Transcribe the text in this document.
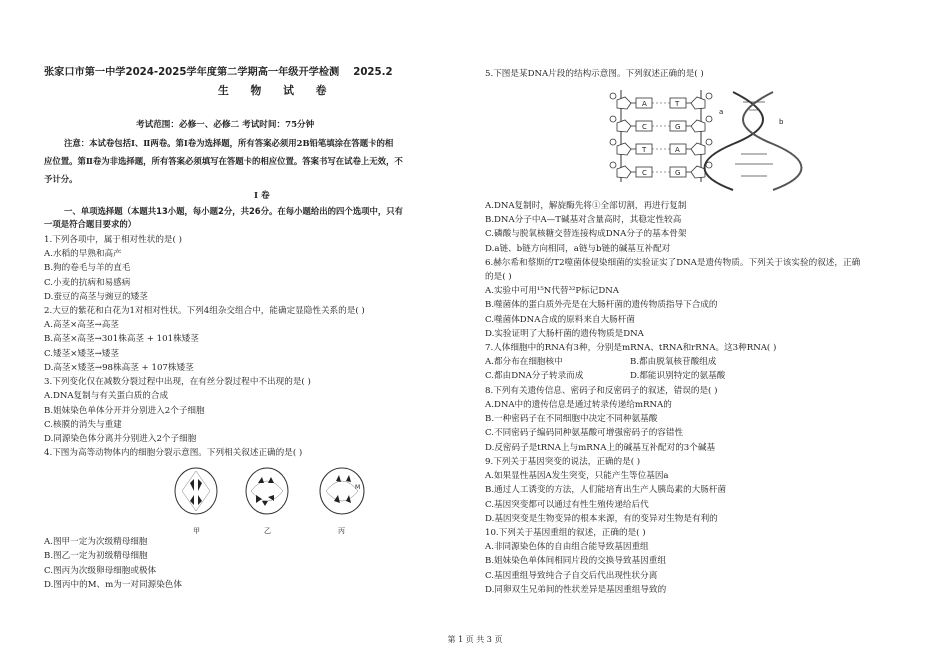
张家口市第一中学2024-2025学年度第二学期高一年级开学检测 2025.2
生 物 试 卷
考试范围：必修一、必修二 考试时间：75分钟
注意：本试卷包括Ⅰ、Ⅱ两卷。第Ⅰ卷为选择题，所有答案必须用2B铅笔填涂在答题卡的相
应位置。第Ⅱ卷为非选择题，所有答案必须填写在答题卡的相应位置。答案书写在试卷上无效，不
予计分。
Ⅰ 卷
一、单项选择题（本题共13小题，每小题2分，共26分。在每小题给出的四个选项中，只有
一项是符合题目要求的）
1.下列各项中，属于相对性状的是( )
A.水稻的早熟和高产
B.狗的卷毛与羊的直毛
C.小麦的抗病和易感病
D.蚕豆的高茎与豌豆的矮茎
2.大豆的紫花和白花为1对相对性状。下列4组杂交组合中，能确定显隐性关系的是( )
A.高茎×高茎→高茎
B.高茎×高茎→301株高茎 + 101株矮茎
C.矮茎×矮茎→矮茎
D.高茎×矮茎→98株高茎 + 107株矮茎
3.下列变化仅在减数分裂过程中出现，在有丝分裂过程中不出现的是( )
A.DNA复制与有关蛋白质的合成
B.姐妹染色单体分开并分别进入2个子细胞
C.核膜的消失与重建
D.同源染色体分离并分别进入2个子细胞
4.下图为高等动物体内的细胞分裂示意图。下列相关叙述正确的是( )
M
甲	乙	丙
A.图甲一定为次级精母细胞
B.图乙一定为初级精母细胞
C.图丙为次级卵母细胞或极体
D.图丙中的M、m为一对同源染色体
5.下图是某DNA片段的结构示意图。下列叙述正确的是( )
A
C
T
C
T
G
A
G
a
b
A.DNA复制时，解旋酶先将①全部切割，再进行复制
B.DNA分子中A—T碱基对含量高时，其稳定性较高
C.磷酸与脱氧核糖交替连接构成DNA分子的基本骨架
D.a链、b链方向相同，a链与b链的碱基互补配对
6.赫尔希和蔡斯的T2噬菌体侵染细菌的实验证实了DNA是遗传物质。下列关于该实验的叙述，正确
的是( )
A.实验中可用¹⁵N代替³²P标记DNA
B.噬菌体的蛋白质外壳是在大肠杆菌的遗传物质指导下合成的
C.噬菌体DNA合成的原料来自大肠杆菌
D.实验证明了大肠杆菌的遗传物质是DNA
7.人体细胞中的RNA有3种，分别是mRNA、tRNA和rRNA。这3种RNA( )
A.都分布在细胞核中	B.都由脱氧核苷酸组成
C.都由DNA分子转录而成	D.都能识别特定的氨基酸
8.下列有关遗传信息、密码子和反密码子的叙述，错误的是( )
A.DNA中的遗传信息是通过转录传递给mRNA的
B.一种密码子在不同细胞中决定不同种氨基酸
C.不同密码子编码同种氨基酸可增强密码子的容错性
D.反密码子是tRNA上与mRNA上的碱基互补配对的3个碱基
9.下列关于基因突变的说法，正确的是( )
A.如果显性基因A发生突变，只能产生等位基因a
B.通过人工诱变的方法，人们能培育出生产人胰岛素的大肠杆菌
C.基因突变都可以通过有性生殖传递给后代
D.基因突变是生物变异的根本来源，有的变异对生物是有利的
10.下列关于基因重组的叙述，正确的是( )
A.非同源染色体的自由组合能导致基因重组
B.姐妹染色单体间相同片段的交换导致基因重组
C.基因重组导致纯合子自交后代出现性状分离
D.同卵双生兄弟间的性状差异是基因重组导致的
第 1 页 共 3 页
